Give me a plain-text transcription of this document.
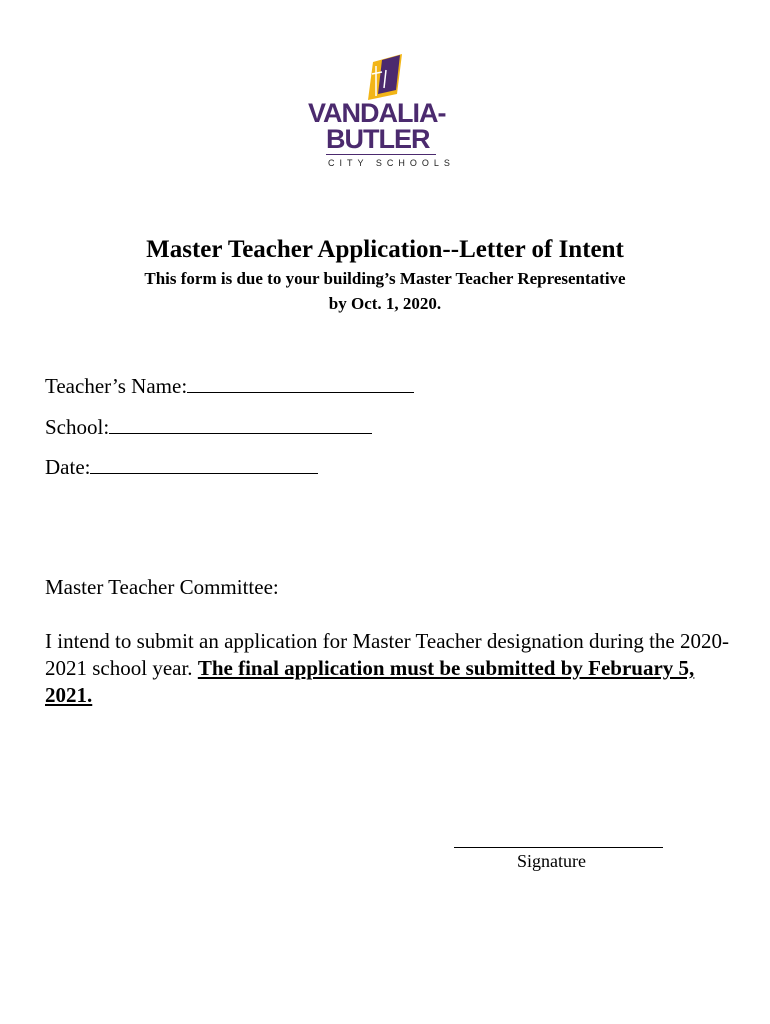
VANDALIA-
BUTLER
CITY SCHOOLS
Master Teacher Application--Letter of Intent
This form is due to your building’s Master Teacher Representative
by Oct. 1, 2020.
Teacher’s Name:
School:
Date:
Master Teacher Committee:
I intend to submit an application for Master Teacher designation during the 2020-2021 school year. The final application must be submitted by February 5, 2021.
Signature
